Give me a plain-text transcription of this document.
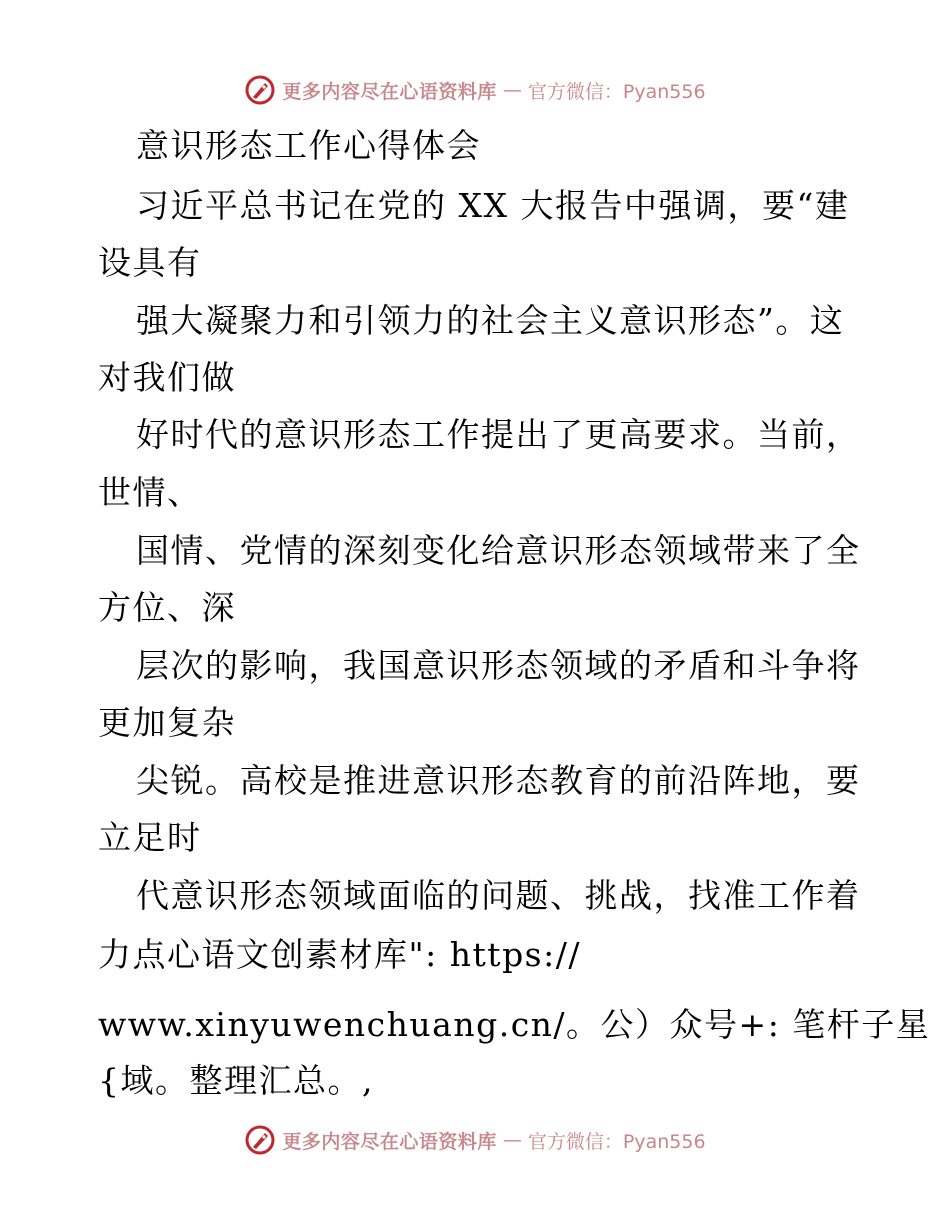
更多内容尽在心语资料库 — 官方微信：Pyan556
意识形态工作心得体会
习近平总书记在党的 XX 大报告中强调，要“建
设具有
强大凝聚力和引领力的社会主义意识形态”。这
对我们做
好时代的意识形态工作提出了更高要求。当前，
世情、
国情、党情的深刻变化给意识形态领域带来了全
方位、深
层次的影响，我国意识形态领域的矛盾和斗争将
更加复杂
尖锐。高校是推进意识形态教育的前沿阵地，要
立足时
代意识形态领域面临的问题、挑战，找准工作着
力点心语文创素材库": https://
www.xinyuwenchuang.cn/。公）众号+: 笔杆子星
{域。整理汇总。,
更多内容尽在心语资料库 — 官方微信：Pyan556
